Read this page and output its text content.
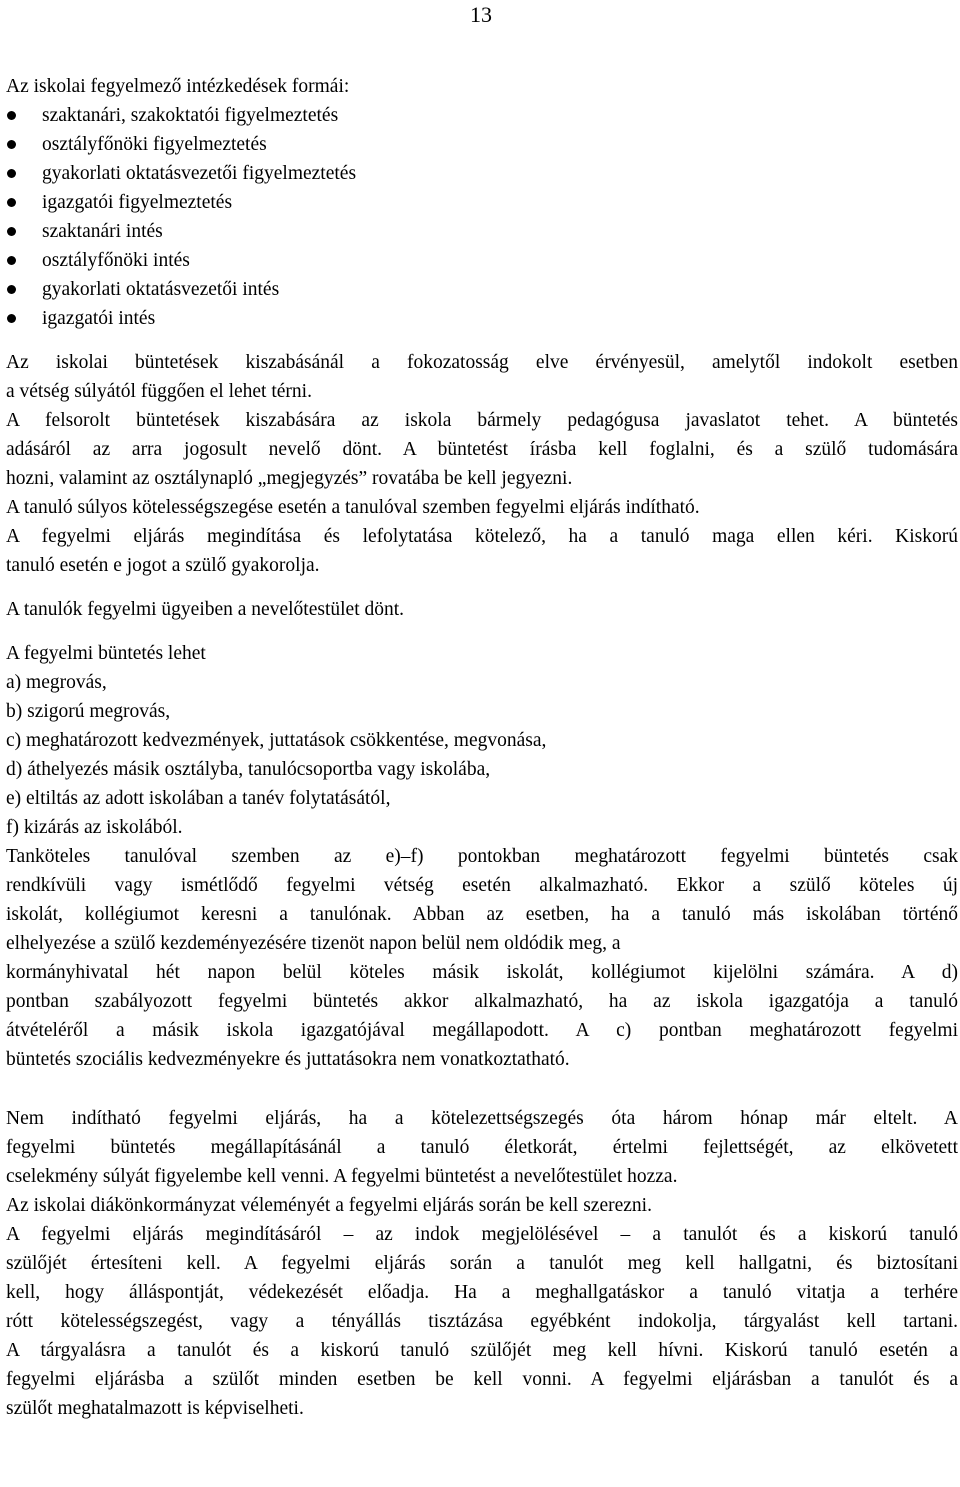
13
Az iskolai fegyelmező intézkedések formái:
szaktanári, szakoktatói figyelmeztetés
osztályfőnöki figyelmeztetés
gyakorlati oktatásvezetői figyelmeztetés
igazgatói figyelmeztetés
szaktanári intés
osztályfőnöki intés
gyakorlati oktatásvezetői intés
igazgatói intés
Az iskolai büntetések kiszabásánál a fokozatosság elve érvényesül, amelytől indokolt esetben
a vétség súlyától függően el lehet térni.
A felsorolt büntetések kiszabására az iskola bármely pedagógusa javaslatot tehet. A büntetés
adásáról az arra jogosult nevelő dönt. A büntetést írásba kell foglalni, és a szülő tudomására
hozni, valamint az osztálynapló „megjegyzés” rovatába be kell jegyezni.
A tanuló súlyos kötelességszegése esetén a tanulóval szemben fegyelmi eljárás indítható.
A fegyelmi eljárás megindítása és lefolytatása kötelező, ha a tanuló maga ellen kéri. Kiskorú
tanuló esetén e jogot a szülő gyakorolja.
A tanulók fegyelmi ügyeiben a nevelőtestület dönt.
A fegyelmi büntetés lehet
a) megrovás,
b) szigorú megrovás,
c) meghatározott kedvezmények, juttatások csökkentése, megvonása,
d) áthelyezés másik osztályba, tanulócsoportba vagy iskolába,
e) eltiltás az adott iskolában a tanév folytatásától,
f) kizárás az iskolából.
Tanköteles tanulóval szemben az e)–f) pontokban meghatározott fegyelmi büntetés csak
rendkívüli vagy ismétlődő fegyelmi vétség esetén alkalmazható. Ekkor a szülő köteles új
iskolát, kollégiumot keresni a tanulónak. Abban az esetben, ha a tanuló más iskolában történő
elhelyezése a szülő kezdeményezésére tizenöt napon belül nem oldódik meg, a
kormányhivatal hét napon belül köteles másik iskolát, kollégiumot kijelölni számára. A d)
pontban szabályozott fegyelmi büntetés akkor alkalmazható, ha az iskola igazgatója a tanuló
átvételéről a másik iskola igazgatójával megállapodott. A c) pontban meghatározott fegyelmi
büntetés szociális kedvezményekre és juttatásokra nem vonatkoztatható.
Nem indítható fegyelmi eljárás, ha a kötelezettségszegés óta három hónap már eltelt. A
fegyelmi büntetés megállapításánál a tanuló életkorát, értelmi fejlettségét, az elkövetett
cselekmény súlyát figyelembe kell venni. A fegyelmi büntetést a nevelőtestület hozza.
Az iskolai diákönkormányzat véleményét a fegyelmi eljárás során be kell szerezni.
A fegyelmi eljárás megindításáról – az indok megjelölésével – a tanulót és a kiskorú tanuló
szülőjét értesíteni kell. A fegyelmi eljárás során a tanulót meg kell hallgatni, és biztosítani
kell, hogy álláspontját, védekezését előadja. Ha a meghallgatáskor a tanuló vitatja a terhére
rótt kötelességszegést, vagy a tényállás tisztázása egyébként indokolja, tárgyalást kell tartani.
A tárgyalásra a tanulót és a kiskorú tanuló szülőjét meg kell hívni. Kiskorú tanuló esetén a
fegyelmi eljárásba a szülőt minden esetben be kell vonni. A fegyelmi eljárásban a tanulót és a
szülőt meghatalmazott is képviselheti.
